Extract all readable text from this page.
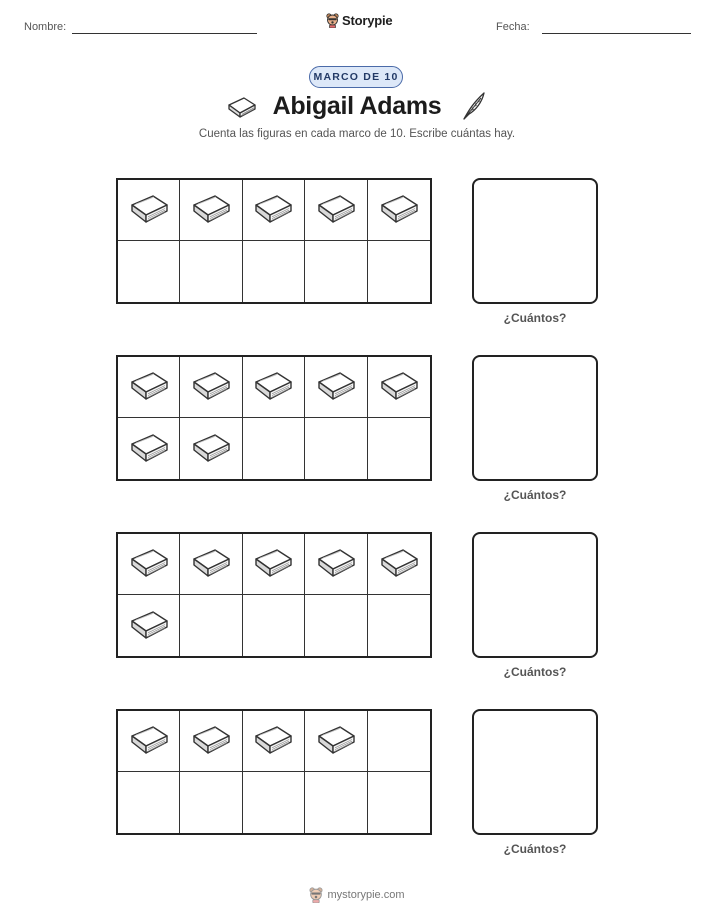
Nombre:	Storypie	Fecha:
MARCO DE 10
Abigail Adams
Cuenta las figuras en cada marco de 10. Escribe cuántas hay.
¿Cuántos?
¿Cuántos?
¿Cuántos?
¿Cuántos?
mystorypie.com
